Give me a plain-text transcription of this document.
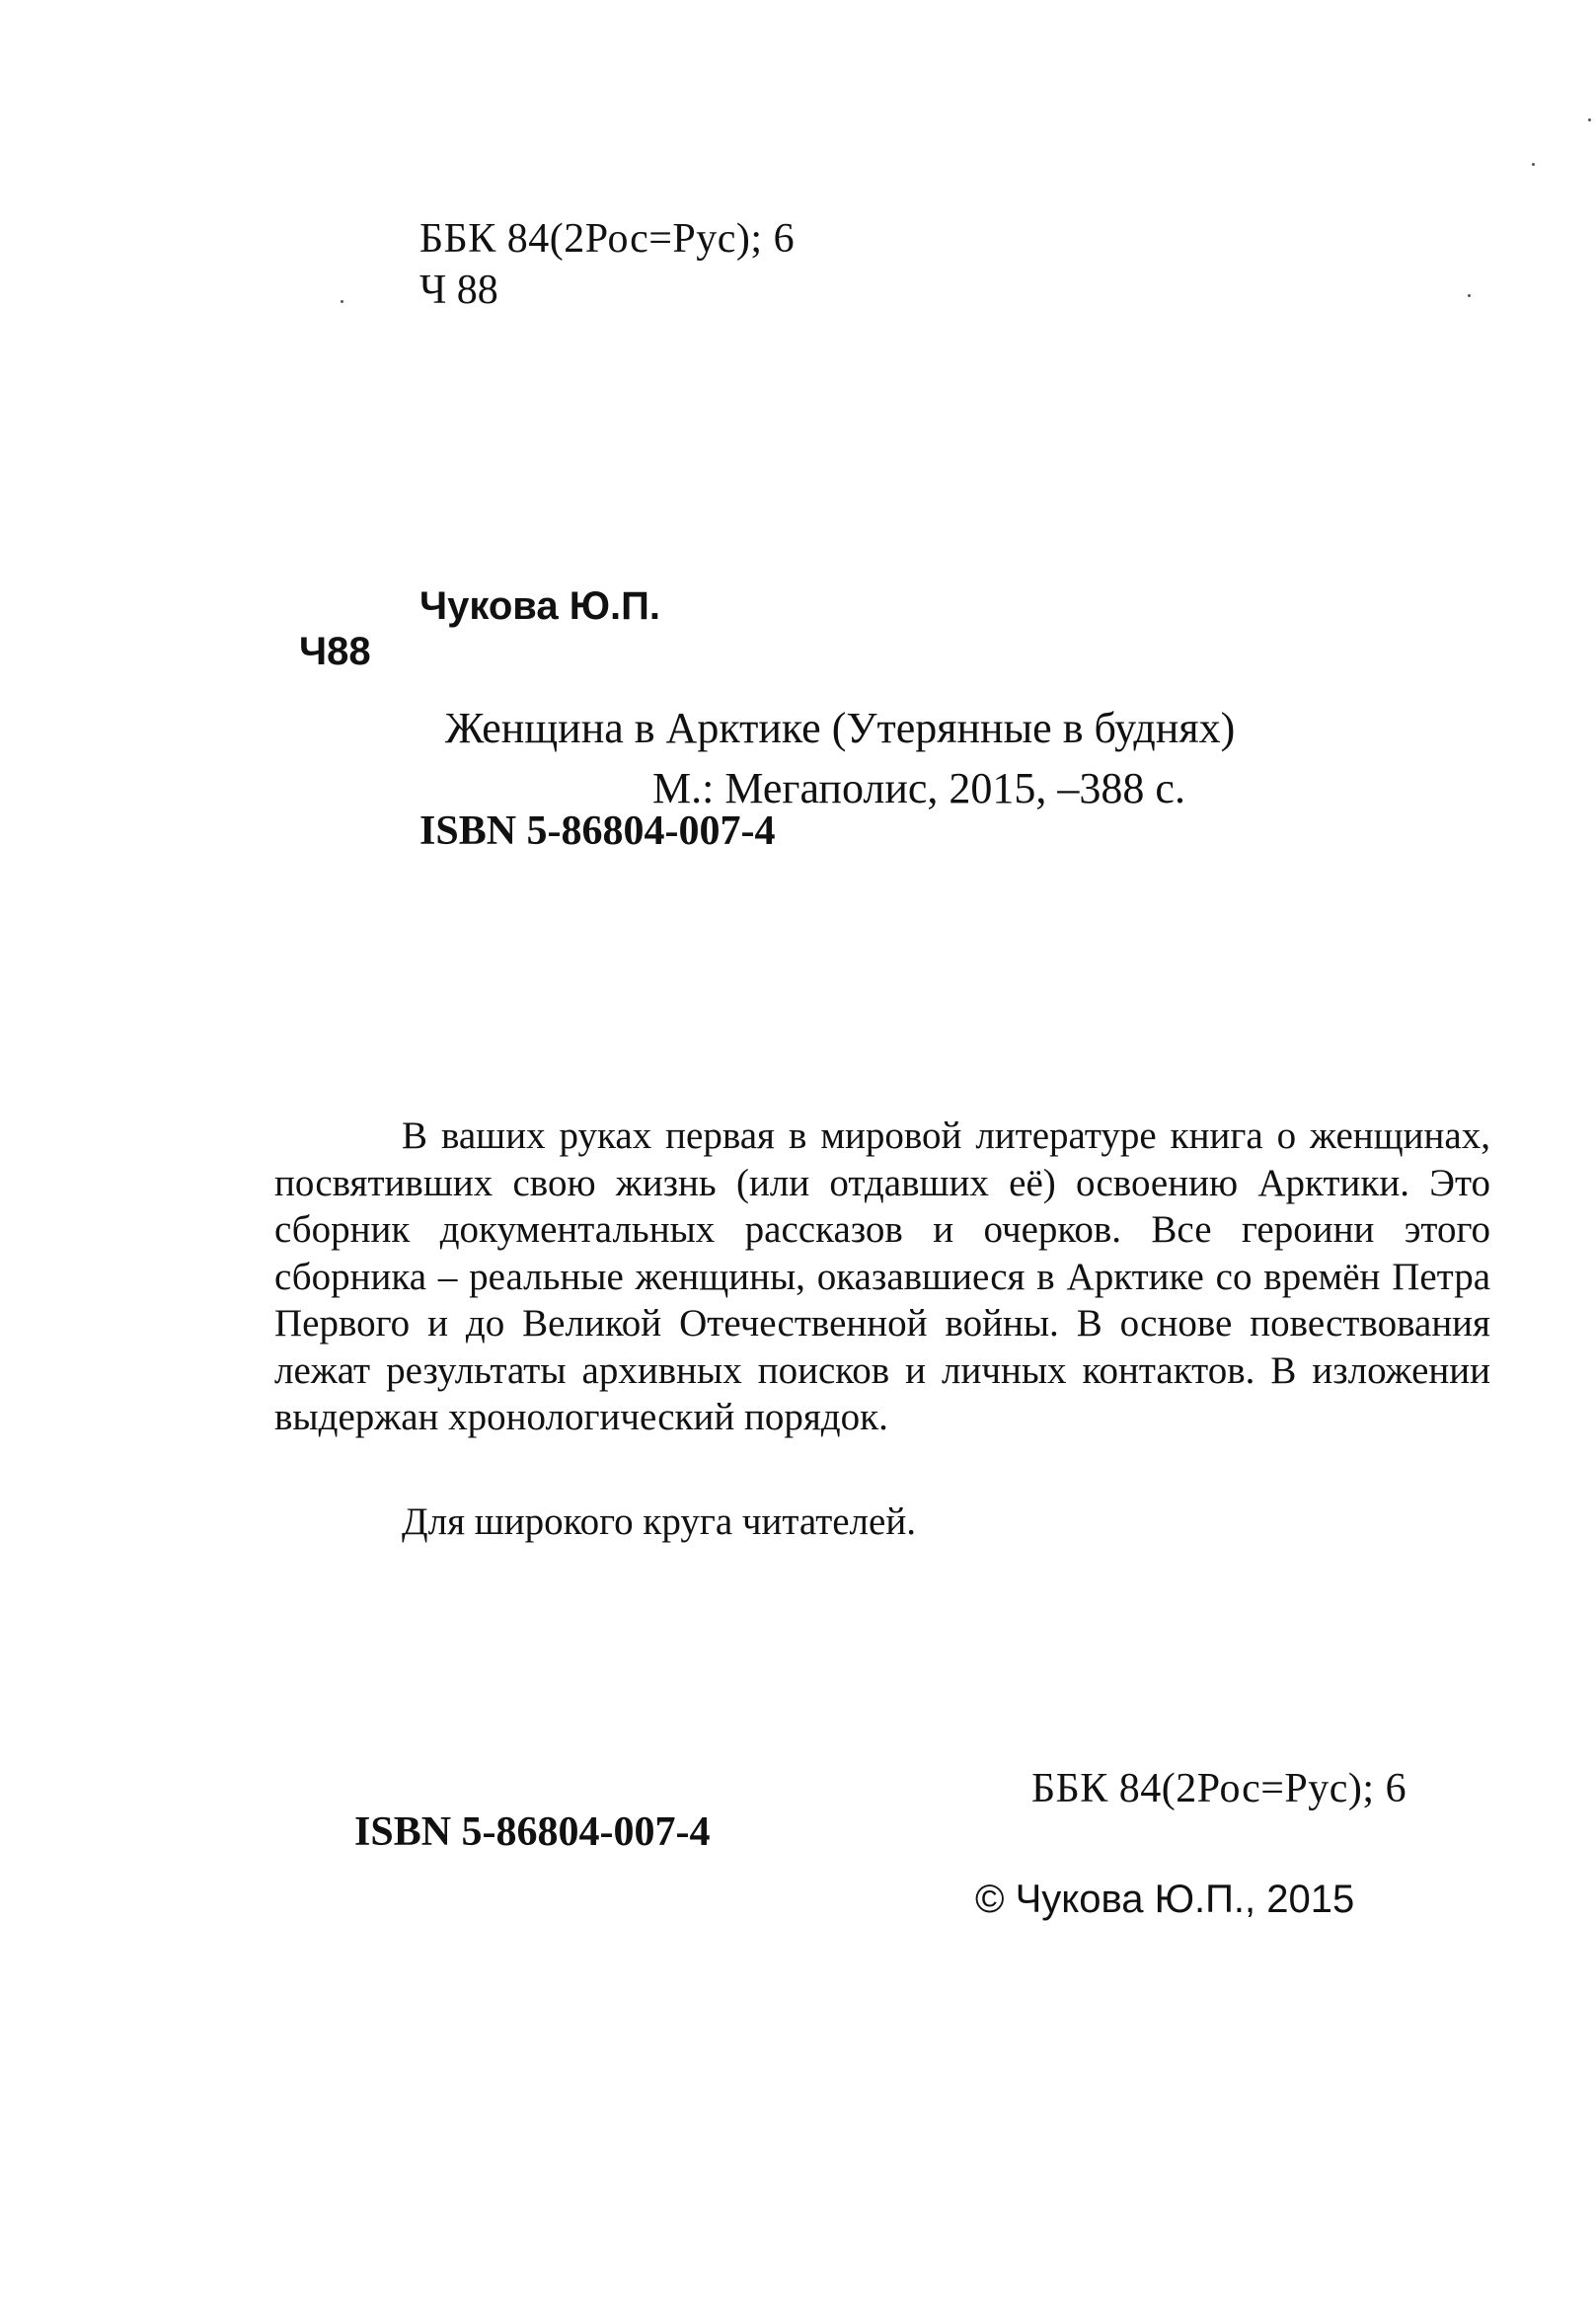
ББК 84(2Рос=Рус); 6
Ч 88
Чукова Ю.П.
Ч88
Женщина в Арктике (Утерянные в буднях)
М.: Мегаполис, 2015, –388 с.
ISBN 5-86804-007-4
В ваших руках первая в мировой литературе книга о женщинах, посвятивших свою жизнь (или отдавших её) освоению Арктики. Это сборник документальных рассказов и очерков. Все героини этого сборника – реальные женщины, оказавшиеся в Арктике со времён Петра Первого и до Великой Отечественной войны. В основе повествования лежат результаты архивных поисков и личных контактов. В изложении выдержан хронологический порядок.
Для широкого круга читателей.
ББК 84(2Рос=Рус); 6
ISBN 5-86804-007-4
© Чукова Ю.П., 2015
